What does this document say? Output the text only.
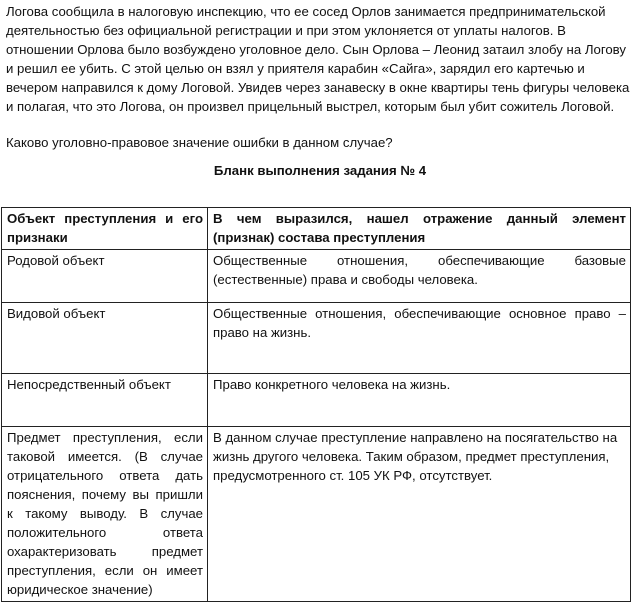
Логова сообщила в налоговую инспекцию, что ее сосед Орлов занимается предпринимательской деятельностью без официальной регистрации и при этом уклоняется от уплаты налогов. В отношении Орлова было возбуждено уголовное дело. Сын Орлова – Леонид затаил злобу на Логову и решил ее убить. С этой целью он взял у приятеля карабин «Сайга», зарядил его картечью и вечером направился к дому Логовой. Увидев через занавеску в окне квартиры тень фигуры человека и полагая, что это Логова, он произвел прицельный выстрел, которым был убит сожитель Логовой.

Каково уголовно-правовое значение ошибки в данном случае?

Бланк выполнения задания № 4

Объект преступления и его признаки	В чем выразился, нашел отражение данный элемент (признак) состава преступления
Родовой объект	Общественные отношения, обеспечивающие базовые (естественные) права и свободы человека.
Видовой объект	Общественные отношения, обеспечивающие основное право – право на жизнь.
Непосредственный объект	Право конкретного человека на жизнь.
Предмет преступления, если таковой имеется. (В случае отрицательного ответа дать пояснения, почему вы пришли к такому выводу. В случае положительного ответа охарактеризовать предмет преступления, если он имеет юридическое значение)	В данном случае преступление направлено на посягательство на жизнь другого человека. Таким образом, предмет преступления, предусмотренного ст. 105 УК РФ, отсутствует.
